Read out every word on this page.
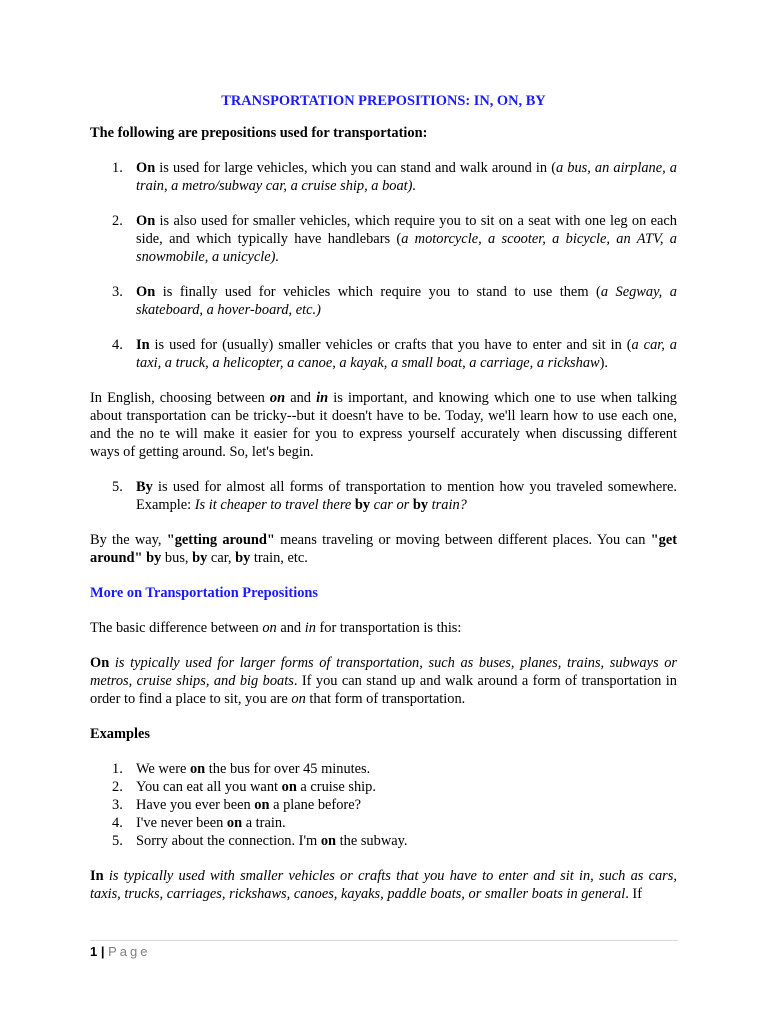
TRANSPORTATION PREPOSITIONS: IN, ON, BY

The following are prepositions used for transportation:

1. On is used for large vehicles, which you can stand and walk around in (a bus, an airplane, a train, a metro/subway car, a cruise ship, a boat).
2. On is also used for smaller vehicles, which require you to sit on a seat with one leg on each side, and which typically have handlebars (a motorcycle, a scooter, a bicycle, an ATV, a snowmobile, a unicycle).
3. On is finally used for vehicles which require you to stand to use them (a Segway, a skateboard, a hover-board, etc.)
4. In is used for (usually) smaller vehicles or crafts that you have to enter and sit in (a car, a taxi, a truck, a helicopter, a canoe, a kayak, a small boat, a carriage, a rickshaw).

In English, choosing between on and in is important, and knowing which one to use when talking about transportation can be tricky--but it doesn't have to be. Today, we'll learn how to use each one, and the no te will make it easier for you to express yourself accurately when discussing different ways of getting around. So, let's begin.

5. By is used for almost all forms of transportation to mention how you traveled somewhere. Example: Is it cheaper to travel there by car or by train?

By the way, "getting around" means traveling or moving between different places. You can "get around" by bus, by car, by train, etc.

More on Transportation Prepositions

The basic difference between on and in for transportation is this:

On is typically used for larger forms of transportation, such as buses, planes, trains, subways or metros, cruise ships, and big boats. If you can stand up and walk around a form of transportation in order to find a place to sit, you are on that form of transportation.

Examples

1. We were on the bus for over 45 minutes.
2. You can eat all you want on a cruise ship.
3. Have you ever been on a plane before?
4. I've never been on a train.
5. Sorry about the connection. I'm on the subway.

In is typically used with smaller vehicles or crafts that you have to enter and sit in, such as cars, taxis, trucks, carriages, rickshaws, canoes, kayaks, paddle boats, or smaller boats in general. If

1 | Page
